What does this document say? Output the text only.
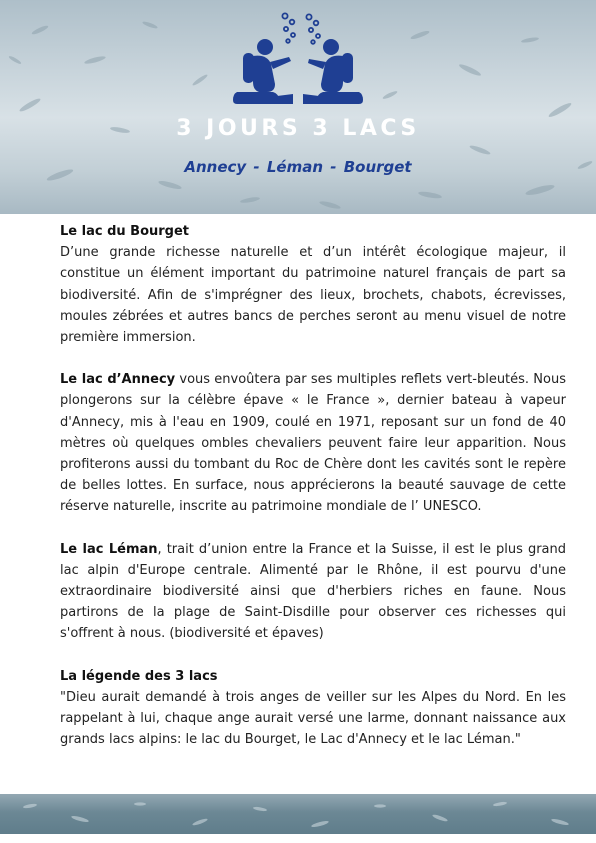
3 JOURS 3 LACS
Annecy - Léman - Bourget

Le lac du Bourget
D’une grande richesse naturelle et d’un intérêt écologique majeur, il constitue un élément important du patrimoine naturel français de part sa biodiversité. Afin de s'imprégner des lieux, brochets, chabots, écrevisses, moules zébrées et autres bancs de perches seront au menu visuel de notre première immersion.

Le lac d’Annecy vous envoûtera par ses multiples reflets vert-bleutés. Nous plongerons sur la célèbre épave « le France », dernier bateau à vapeur d'Annecy, mis à l'eau en 1909, coulé en 1971, reposant sur un fond de 40 mètres où quelques ombles chevaliers peuvent faire leur apparition. Nous profiterons aussi du tombant du Roc de Chère dont les cavités sont le repère de belles lottes. En surface, nous apprécierons la beauté sauvage de cette réserve naturelle, inscrite au patrimoine mondiale de l’ UNESCO.

Le lac Léman, trait d’union entre la France et la Suisse, il est le plus grand lac alpin d'Europe centrale. Alimenté par le Rhône, il est pourvu d'une extraordinaire biodiversité ainsi que d'herbiers riches en faune. Nous partirons de la plage de Saint-Disdille pour observer ces richesses qui s'offrent à nous. (biodiversité et épaves)

La légende des 3 lacs
"Dieu aurait demandé à trois anges de veiller sur les Alpes du Nord. En les rappelant à lui, chaque ange aurait versé une larme, donnant naissance aux grands lacs alpins: le lac du Bourget, le Lac d'Annecy et le lac Léman."
